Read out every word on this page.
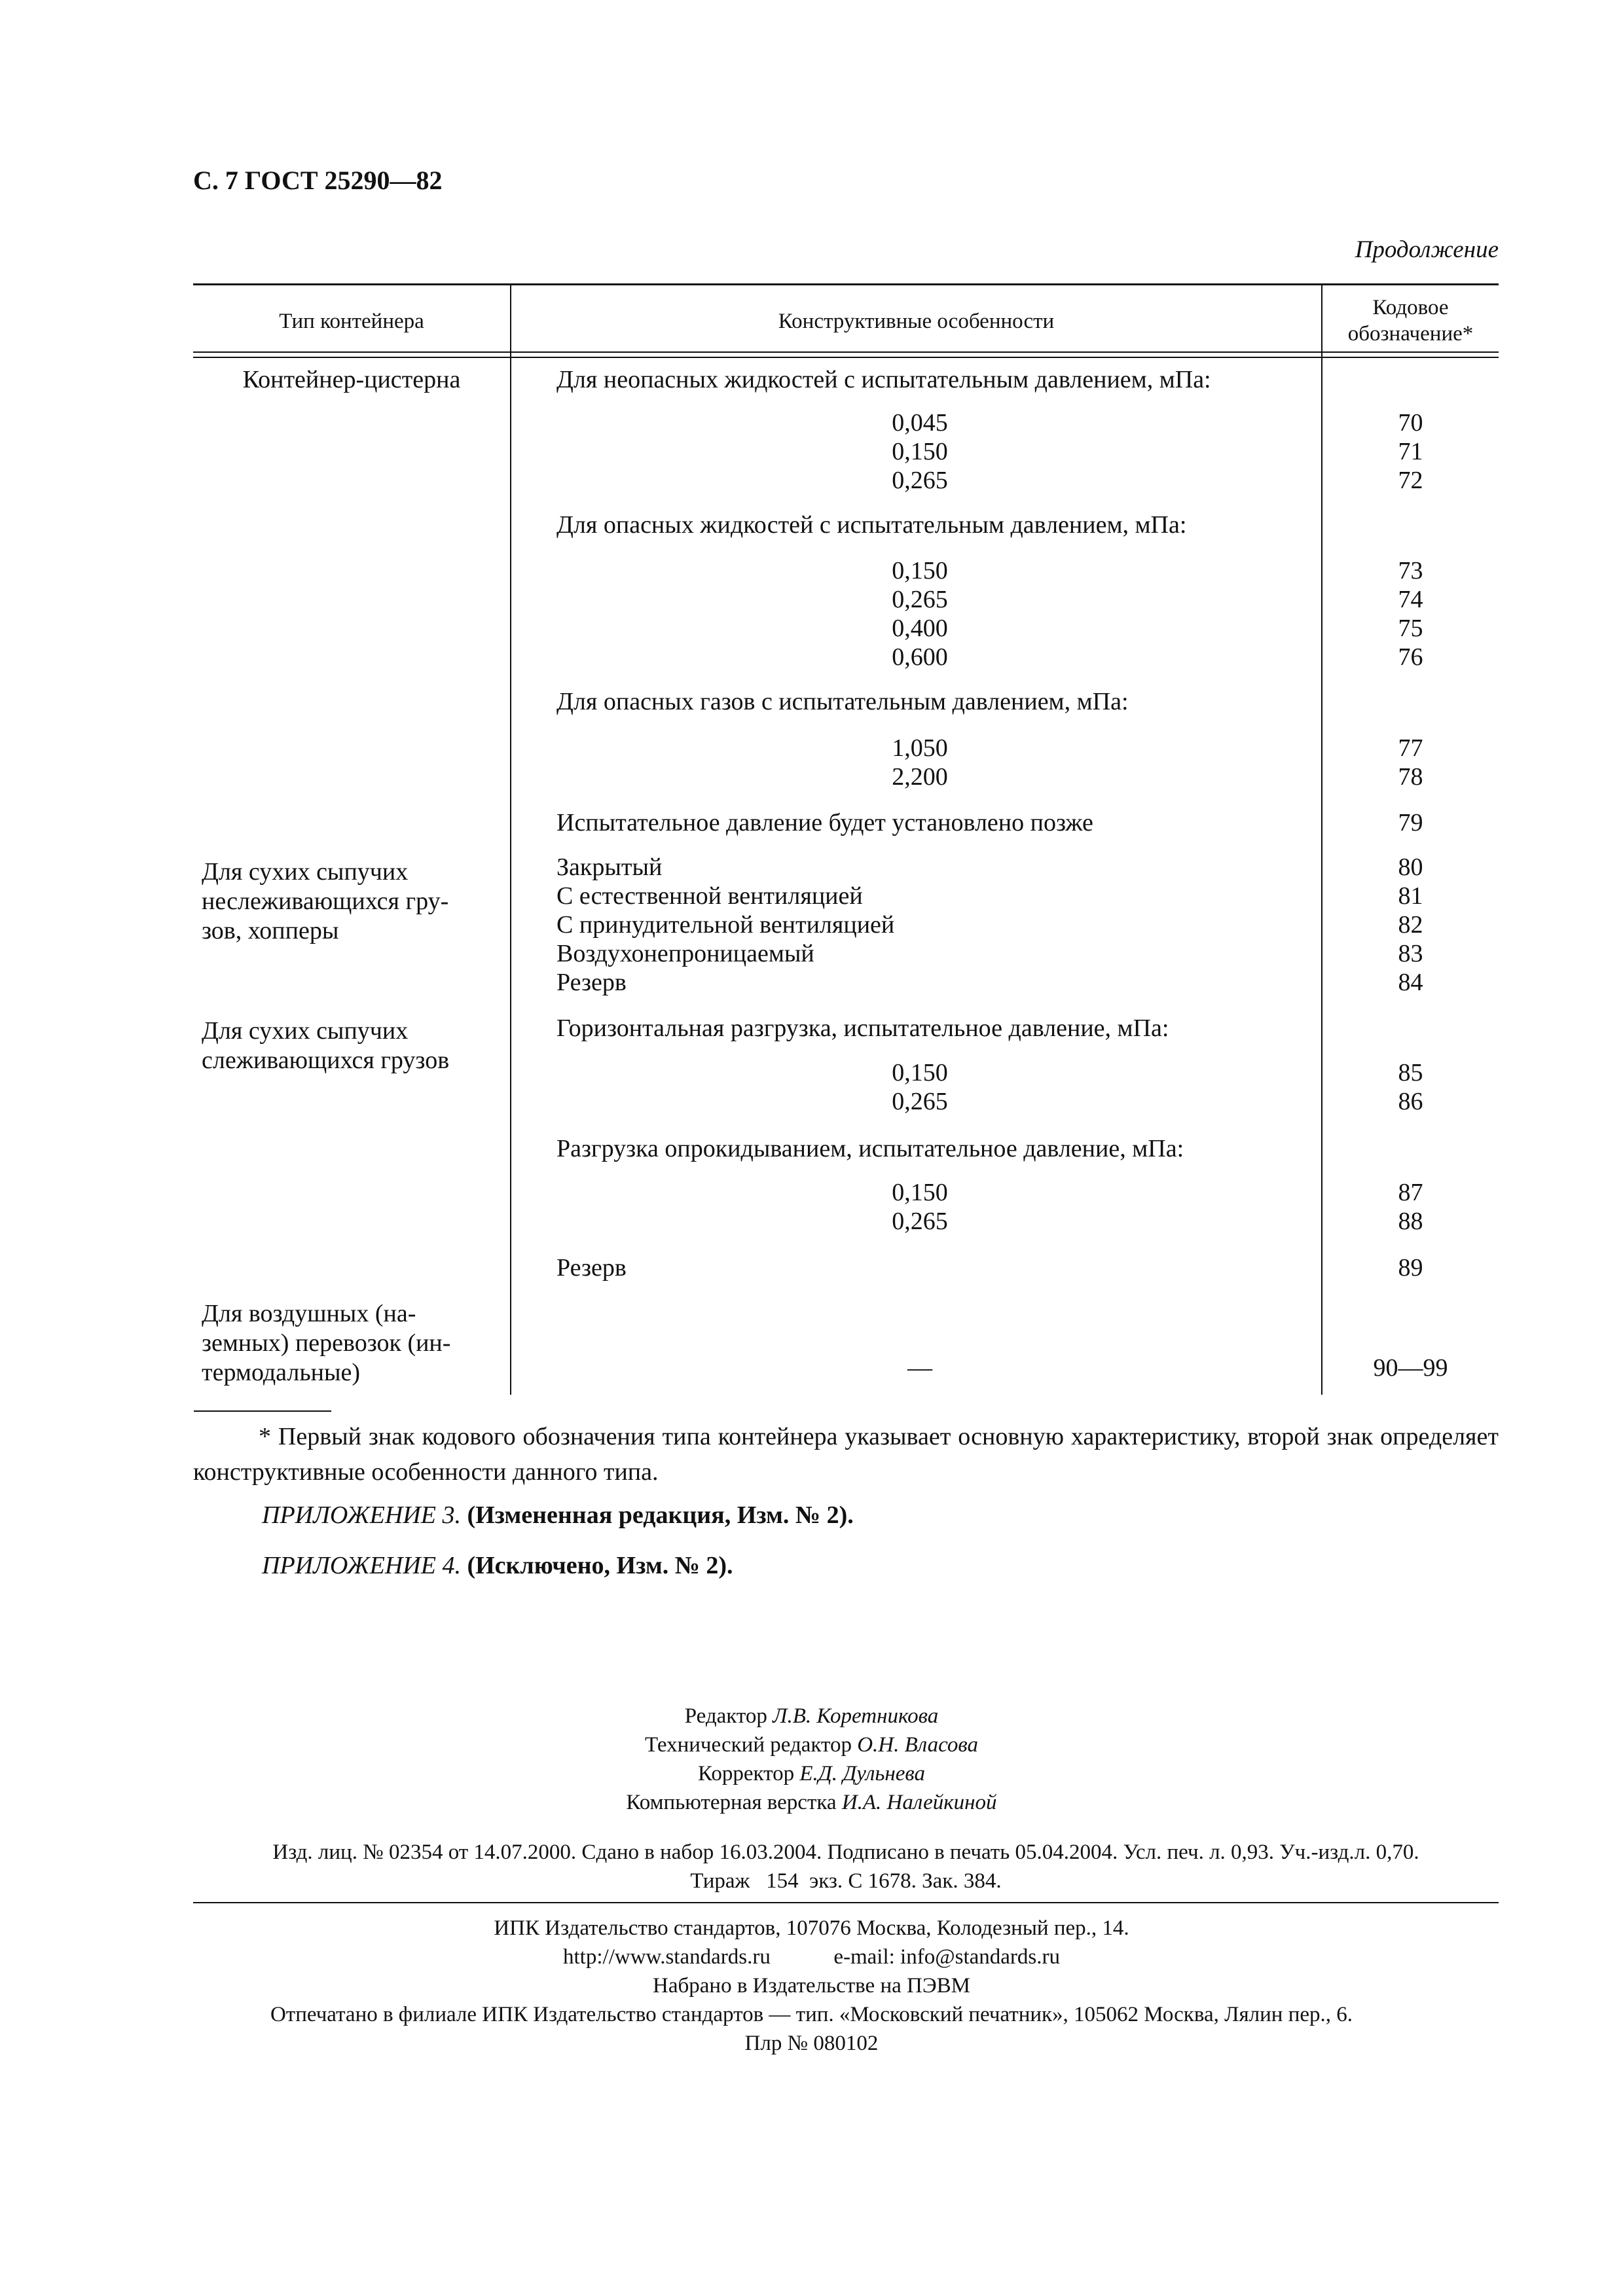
С. 7 ГОСТ 25290—82
Продолжение
Тип контейнера	Конструктивные особенности
Кодовое
обозначение*
Контейнер-цистерна
Для сухих сыпучих
неслеживающихся гру-
зов, хопперы
Для сухих сыпучих
слеживающихся грузов
Для воздушных (на-
земных) перевозок (ин-
термодальные)
Для неопасных жидкостей с испытательным давлением, мПа:
Для опасных жидкостей с испытательным давлением, мПа:
Для опасных газов с испытательным давлением, мПа:
Испытательное давление будет установлено позже
Закрытый
С естественной вентиляцией
С принудительной вентиляцией
Воздухонепроницаемый
Резерв
Горизонтальная разгрузка, испытательное давление, мПа:
Разгрузка опрокидыванием, испытательное давление, мПа:
Резерв
0,045
0,150
0,265
0,150
0,265
0,400
0,600
1,050
2,200
0,150
0,265
0,150
0,265
—
70
71
72
73
74
75
76
77
78
79
80
81
82
83
84
85
86
87
88
89
90—99
* Первый знак кодового обозначения типа контейнера указывает основную характеристику, второй знак определяет конструктивные особенности данного типа.
ПРИЛОЖЕНИЕ 3. (Измененная редакция, Изм. № 2).
ПРИЛОЖЕНИЕ 4. (Исключено, Изм. № 2).
Редактор Л.В. Коретникова
Технический редактор О.Н. Власова
Корректор Е.Д. Дульнева
Компьютерная верстка И.А. Налейкиной
Изд. лиц. № 02354 от 14.07.2000. Сдано в набор 16.03.2004. Подписано в печать 05.04.2004. Усл. печ. л. 0,93. Уч.-изд.л. 0,70.
Тираж   154  экз. С 1678. Зак. 384.
ИПК Издательство стандартов, 107076 Москва, Колодезный пер., 14.
http://www.standards.ru	e-mail: info@standards.ru
Набрано в Издательстве на ПЭВМ
Отпечатано в филиале ИПК Издательство стандартов — тип. «Московский печатник», 105062 Москва, Лялин пер., 6.
Плр № 080102
